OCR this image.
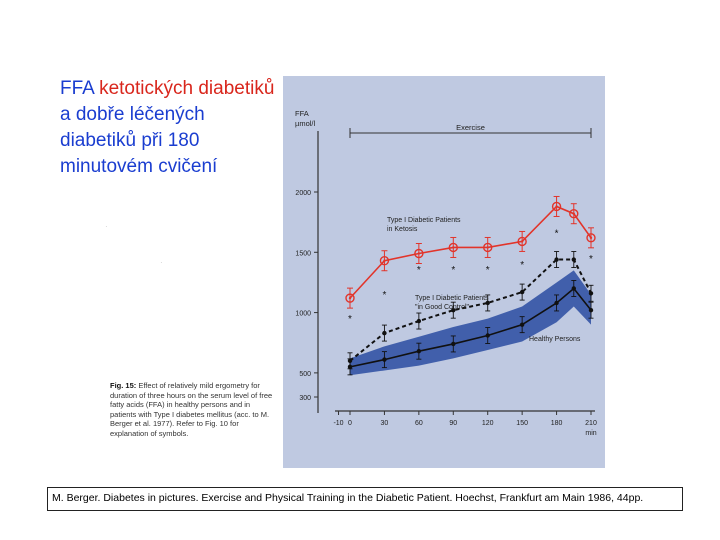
FFA ketotických diabetiků a dobře léčených diabetiků při 180 minutovém cvičení
300
500
1000
1500
2000
FFA
µmol/l
-10 0	30	60	90	120	150	180	210
min
Exercise
*
*
*	*	*	*
*
*
Type I Diabetic Patients
in Ketosis
Type I Diabetic Patients
"in Good Control"
Healthy Persons
Fig. 15: Effect of relatively mild ergometry for duration of three hours on the serum level of free fatty acids (FFA) in healthy persons and in patients with Type I diabetes mellitus (acc. to M. Berger et al. 1977). Refer to Fig. 10 for explanation of symbols.
·
·
M. Berger. Diabetes in pictures. Exercise and Physical Training in the Diabetic Patient. Hoechst, Frankfurt am Main 1986, 44pp.
